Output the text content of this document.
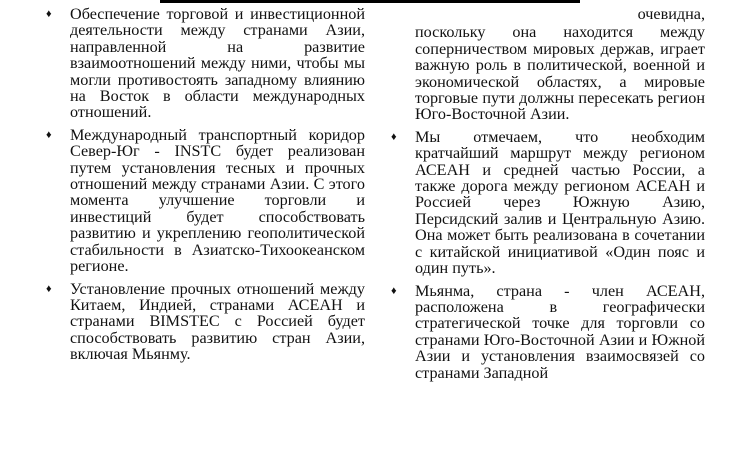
♦ Обеспечение торговой и инвестиционной деятельности между странами Азии, направленной на развитие взаимоотношений между ними, чтобы мы могли противостоять западному влиянию на Восток в области международных отношений.
♦ Международный транспортный коридор Север-Юг - INSTC будет реализован путем установления тесных и прочных отношений между странами Азии. С этого момента улучшение торговли и инвестиций будет способствовать развитию и укреплению геополитической стабильности в Азиатско-Тихоокеанском регионе.
♦ Установление прочных отношений между Китаем, Индией, странами АСЕАН и странами BIMSTEC с Россией будет способствовать развитию стран Азии, включая Мьянму.
очевидна,
поскольку она находится между соперничеством мировых держав, играет важную роль в политической, военной и экономической областях, а мировые торговые пути должны пересекать регион Юго-Восточной Азии.
♦ Мы отмечаем, что необходим кратчайший маршрут между регионом АСЕАН и средней частью России, а также дорога между регионом АСЕАН и Россией через Южную Азию, Персидский залив и Центральную Азию. Она может быть реализована в сочетании с китайской инициативой «Один пояс и один путь».
♦ Мьянма, страна - член АСЕАН, расположена в географически стратегической точке для торговли со странами Юго-Восточной Азии и Южной Азии и установления взаимосвязей со странами Западной
